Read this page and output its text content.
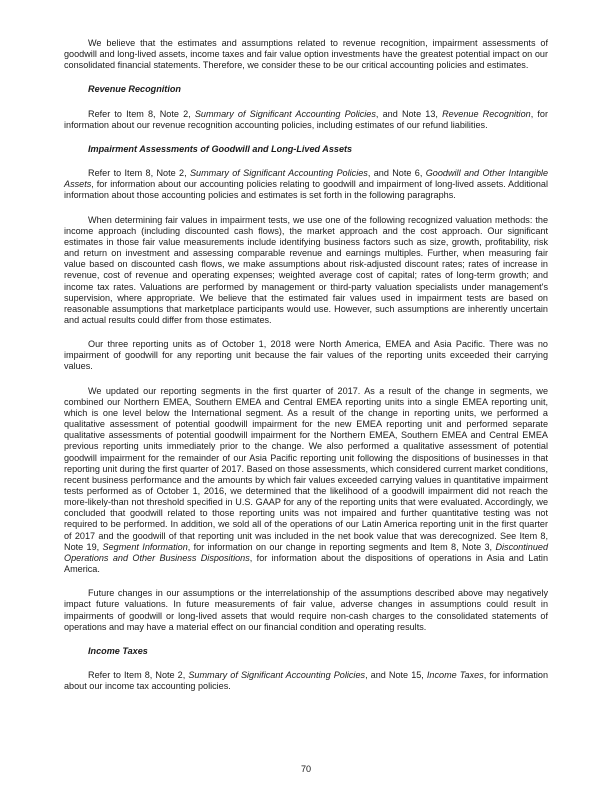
We believe that the estimates and assumptions related to revenue recognition, impairment assessments of goodwill and long-lived assets, income taxes and fair value option investments have the greatest potential impact on our consolidated financial statements. Therefore, we consider these to be our critical accounting policies and estimates.

Revenue Recognition

Refer to Item 8, Note 2, Summary of Significant Accounting Policies, and Note 13, Revenue Recognition, for information about our revenue recognition accounting policies, including estimates of our refund liabilities.

Impairment Assessments of Goodwill and Long-Lived Assets

Refer to Item 8, Note 2, Summary of Significant Accounting Policies, and Note 6, Goodwill and Other Intangible Assets, for information about our accounting policies relating to goodwill and impairment of long-lived assets. Additional information about those accounting policies and estimates is set forth in the following paragraphs.

When determining fair values in impairment tests, we use one of the following recognized valuation methods: the income approach (including discounted cash flows), the market approach and the cost approach. Our significant estimates in those fair value measurements include identifying business factors such as size, growth, profitability, risk and return on investment and assessing comparable revenue and earnings multiples. Further, when measuring fair value based on discounted cash flows, we make assumptions about risk-adjusted discount rates; rates of increase in revenue, cost of revenue and operating expenses; weighted average cost of capital; rates of long-term growth; and income tax rates. Valuations are performed by management or third-party valuation specialists under management's supervision, where appropriate. We believe that the estimated fair values used in impairment tests are based on reasonable assumptions that marketplace participants would use. However, such assumptions are inherently uncertain and actual results could differ from those estimates.

Our three reporting units as of October 1, 2018 were North America, EMEA and Asia Pacific. There was no impairment of goodwill for any reporting unit because the fair values of the reporting units exceeded their carrying values.

We updated our reporting segments in the first quarter of 2017. As a result of the change in segments, we combined our Northern EMEA, Southern EMEA and Central EMEA reporting units into a single EMEA reporting unit, which is one level below the International segment. As a result of the change in reporting units, we performed a qualitative assessment of potential goodwill impairment for the new EMEA reporting unit and performed separate qualitative assessments of potential goodwill impairment for the Northern EMEA, Southern EMEA and Central EMEA previous reporting units immediately prior to the change. We also performed a qualitative assessment of potential goodwill impairment for the remainder of our Asia Pacific reporting unit following the dispositions of businesses in that reporting unit during the first quarter of 2017. Based on those assessments, which considered current market conditions, recent business performance and the amounts by which fair values exceeded carrying values in quantitative impairment tests performed as of October 1, 2016, we determined that the likelihood of a goodwill impairment did not reach the more-likely-than not threshold specified in U.S. GAAP for any of the reporting units that were evaluated. Accordingly, we concluded that goodwill related to those reporting units was not impaired and further quantitative testing was not required to be performed. In addition, we sold all of the operations of our Latin America reporting unit in the first quarter of 2017 and the goodwill of that reporting unit was included in the net book value that was derecognized. See Item 8, Note 19, Segment Information, for information on our change in reporting segments and Item 8, Note 3, Discontinued Operations and Other Business Dispositions, for information about the dispositions of operations in Asia and Latin America.

Future changes in our assumptions or the interrelationship of the assumptions described above may negatively impact future valuations. In future measurements of fair value, adverse changes in assumptions could result in impairments of goodwill or long-lived assets that would require non-cash charges to the consolidated statements of operations and may have a material effect on our financial condition and operating results.

Income Taxes

Refer to Item 8, Note 2, Summary of Significant Accounting Policies, and Note 15, Income Taxes, for information about our income tax accounting policies.

70
